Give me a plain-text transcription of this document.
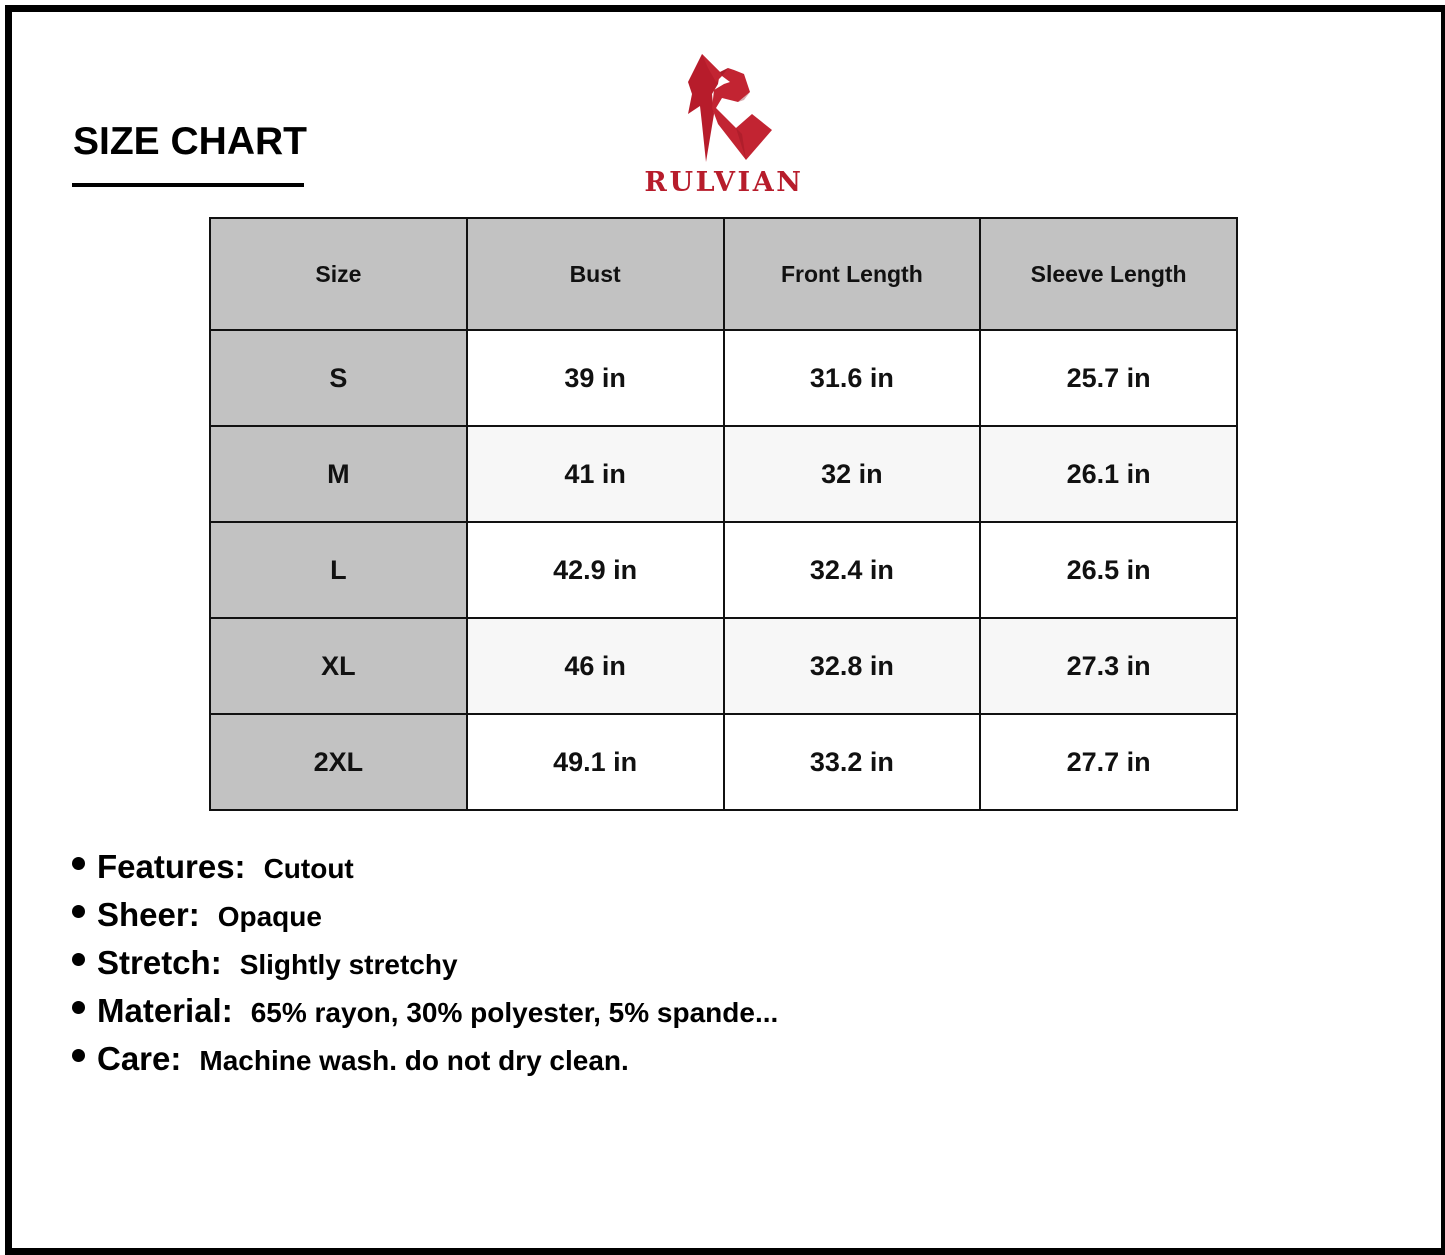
SIZE CHART
RULVIAN
Size	Bust	Front Length	Sleeve Length
S	39 in	31.6 in	25.7 in
M	41 in	32 in	26.1 in
L	42.9 in	32.4 in	26.5 in
XL	46 in	32.8 in	27.3 in
2XL	49.1 in	33.2 in	27.7 in
Features: Cutout
Sheer: Opaque
Stretch: Slightly stretchy
Material: 65% rayon, 30% polyester, 5% spande...
Care: Machine wash. do not dry clean.
